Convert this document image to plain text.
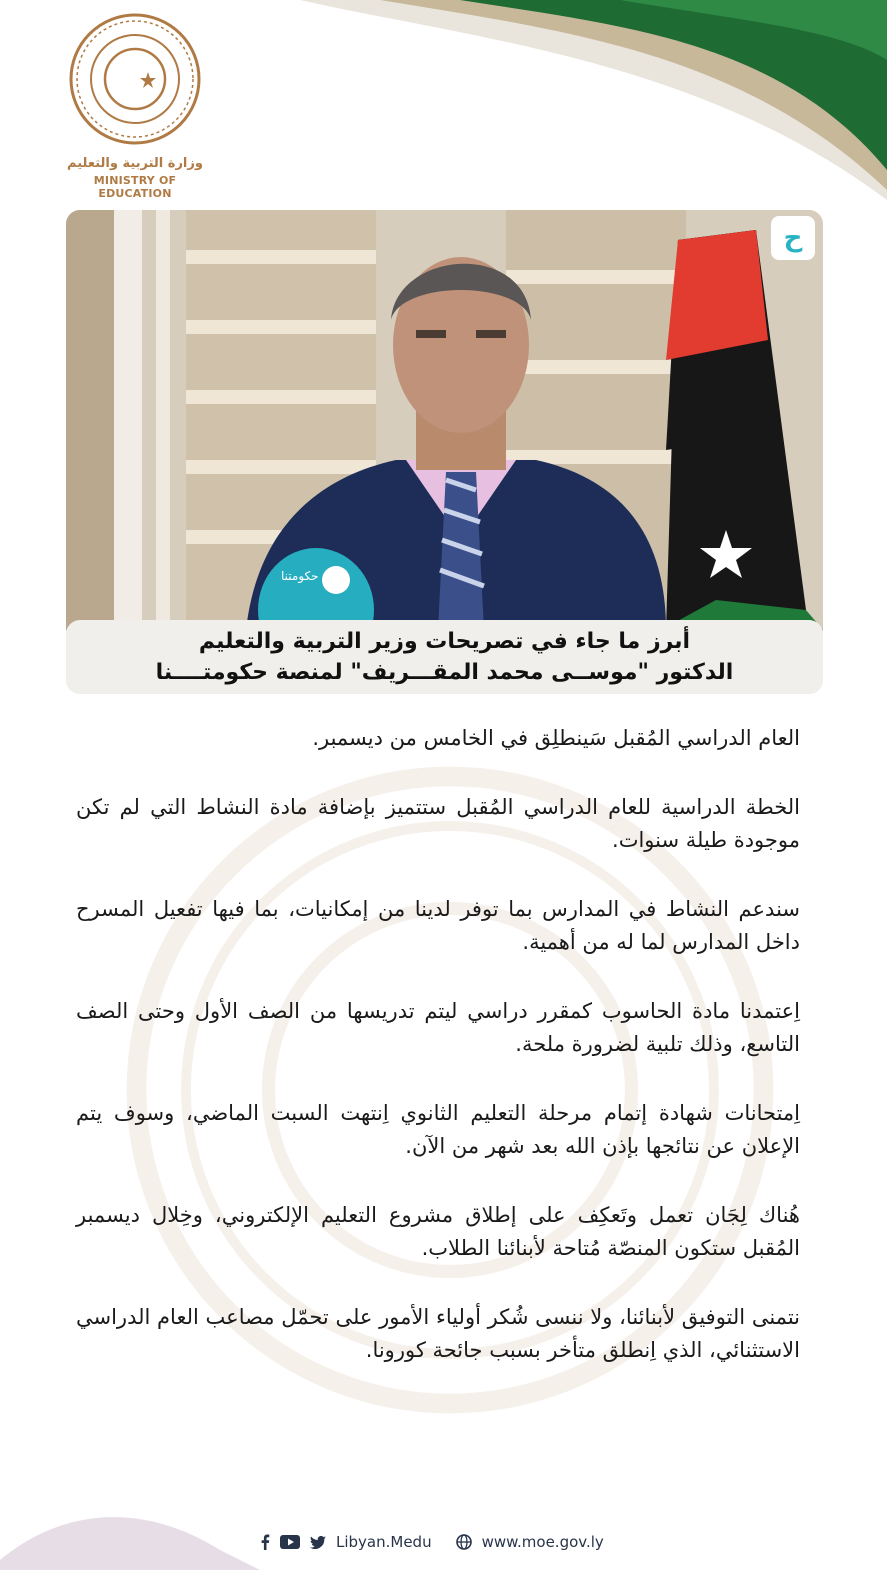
وزارة التربية والتعليم
MINISTRY OF EDUCATION
منصة حكومتنا
ح
أبرز ما جاء في تصريحات وزير التربية والتعليم
الدكتور "موســى محمد المقـــريف" لمنصة حكومتــــنا

العام الدراسي المُقبل سَينطلِق في الخامس من ديسمبر.

الخطة الدراسية للعام الدراسي المُقبل ستتميز بإضافة مادة النشاط التي لم تكن موجودة طيلة سنوات.

سندعم النشاط في المدارس بما توفر لدينا من إمكانيات، بما فيها تفعيل المسرح داخل المدارس لما له من أهمية.

اِعتمدنا مادة الحاسوب كمقرر دراسي ليتم تدريسها من الصف الأول وحتى الصف التاسع، وذلك تلبية لضرورة ملحة.

اِمتحانات شهادة إتمام مرحلة التعليم الثانوي اِنتهت السبت الماضي، وسوف يتم الإعلان عن نتائجها بإذن الله بعد شهر من الآن.

هُناك لِجَان تعمل وتَعكِف على إطلاق مشروع التعليم الإلكتروني، وخِلال ديسمبر المُقبل ستكون المنصّة مُتاحة لأبنائنا الطلاب.

نتمنى التوفيق لأبنائنا، ولا ننسى شُكر أولياء الأمور على تحمّل مصاعب العام الدراسي الاستثنائي، الذي اِنطلق متأخر بسبب جائحة كورونا.

Libyan.Medu	www.moe.gov.ly
